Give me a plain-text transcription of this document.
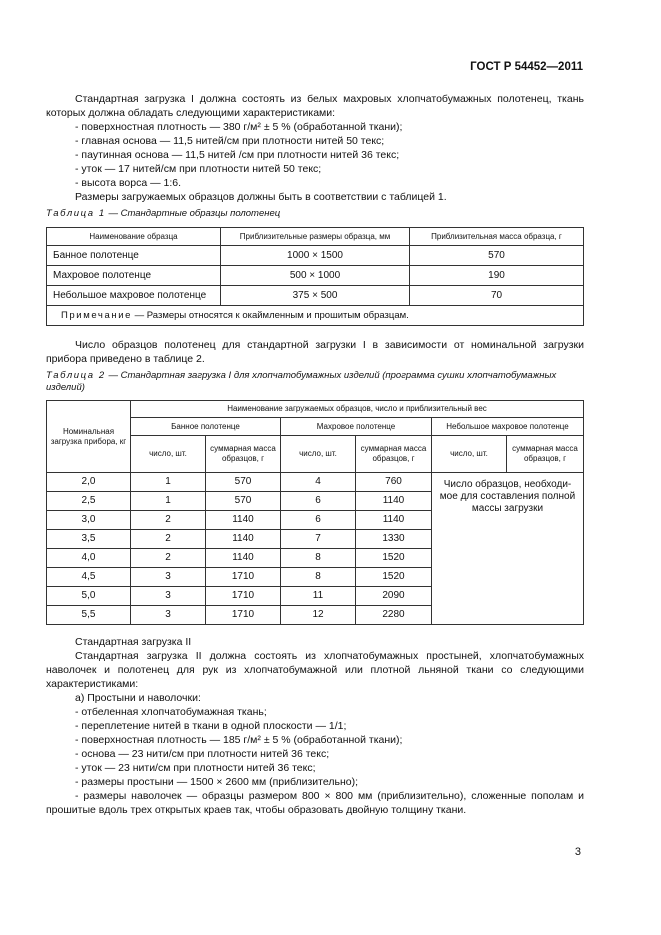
ГОСТ Р 54452—2011

Стандартная загрузка I должна состоять из белых махровых хлопчатобумажных полотенец, ткань которых должна обладать следующими характеристиками:

- поверхностная плотность — 380 г/м² ± 5 % (обработанной ткани);

- главная основа — 11,5 нитей/см при плотности нитей 50 текс;

- паутинная основа — 11,5 нитей /см при плотности нитей 36 текс;

- уток — 17 нитей/см при плотности нитей 50 текс;

- высота ворса — 1:6.

Размеры загружаемых образцов должны быть в соответствии с таблицей 1.

Таблица 1 — Стандартные образцы полотенец

Наименование образца	Приблизительные размеры образца, мм	Приблизительная масса образца, г
Банное полотенце	1000 × 1500	570
Махровое полотенце	500 × 1000	190
Небольшое махровое полотенце	375 × 500	70
Примечание — Размеры относятся к окаймленным и прошитым образцам.		

Число образцов полотенец для стандартной загрузки I в зависимости от номинальной загрузки прибора приведено в таблице 2.

Таблица 2 — Стандартная загрузка I для хлопчатобумажных изделий (программа сушки хлопчатобумажных изделий)

Номинальная загрузка прибора, кг	Наименование загружаемых образцов, число и приблизительный вес					
	Банное полотенце		Махровое полотенце		Небольшое махровое полотенце	
	число, шт.	суммарная масса образцов, г	число, шт.	суммарная масса образцов, г	число, шт.	суммарная масса образцов, г
2,0	1	570	4	760	Число образцов, необходи-мое для составления полной массы загрузки	
2,5	1	570	6	1140		
3,0	2	1140	6	1140		
3,5	2	1140	7	1330		
4,0	2	1140	8	1520		
4,5	3	1710	8	1520		
5,0	3	1710	11	2090		
5,5	3	1710	12	2280		

Стандартная загрузка II

Стандартная загрузка II должна состоять из хлопчатобумажных простыней, хлопчатобумажных наволочек и полотенец для рук из хлопчатобумажной или плотной льняной ткани со следующими характеристиками:

а) Простыни и наволочки:

- отбеленная хлопчатобумажная ткань;

- переплетение нитей в ткани в одной плоскости — 1/1;

- поверхностная плотность — 185 г/м² ± 5 % (обработанной ткани);

- основа — 23 нити/см при плотности нитей 36 текс;

- уток — 23 нити/см при плотности нитей 36 текс;

- размеры простыни — 1500 × 2600 мм (приблизительно);

- размеры наволочек — образцы размером 800 × 800 мм (приблизительно), сложенные пополам и прошитые вдоль трех открытых краев так, чтобы образовать двойную толщину ткани.

3
